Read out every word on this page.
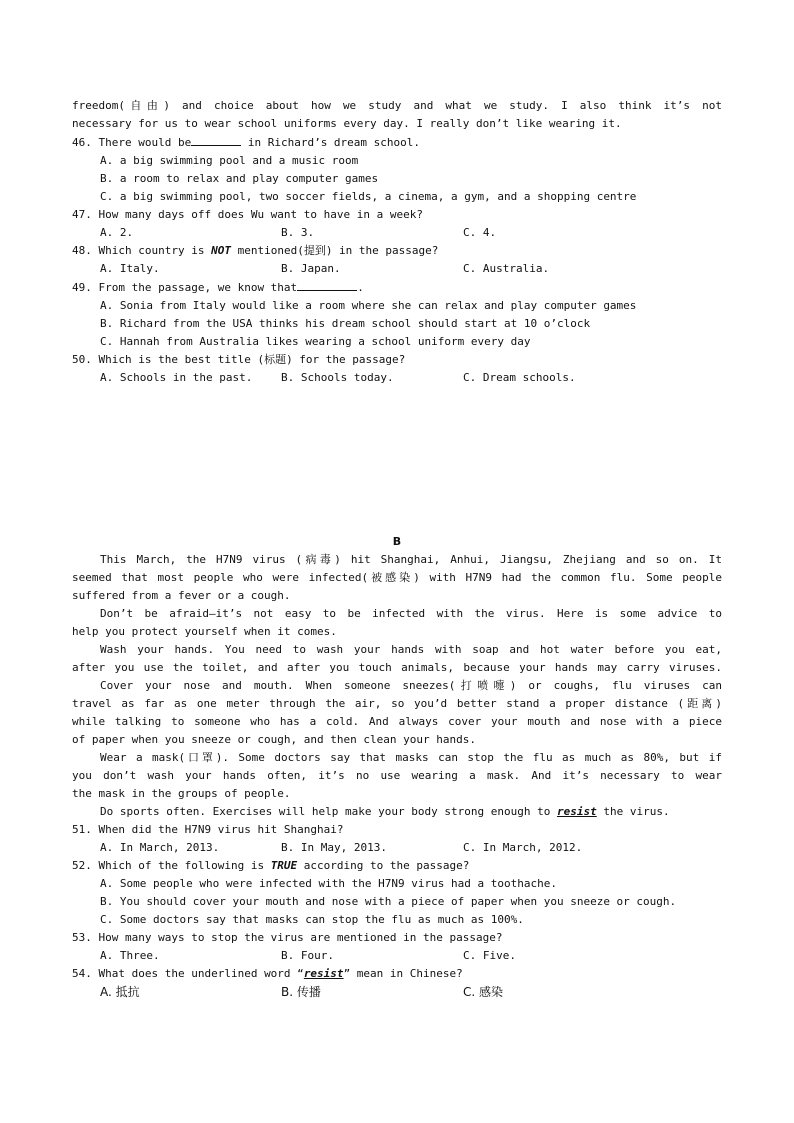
freedom(自由) and choice about how we study and what we study. I also think it’s not
necessary for us to wear school uniforms every day. I really don’t like wearing it.
46. There would be	in Richard’s dream school.
A. a big swimming pool and a music room
B. a room to relax and play computer games
C. a big swimming pool, two soccer fields, a cinema, a gym, and a shopping centre
47. How many days off does Wu want to have in a week?
A. 2.	B. 3.	C. 4.
48. Which country is NOT mentioned(提到) in the passage?
A. Italy.	B. Japan.	C. Australia.
49. From the passage, we know that	.
A. Sonia from Italy would like a room where she can relax and play computer games
B. Richard from the USA thinks his dream school should start at 10 o’clock
C. Hannah from Australia likes wearing a school uniform every day
50. Which is the best title (标题) for the passage?
A. Schools in the past.	B. Schools today.	C. Dream schools.
B
This March, the H7N9 virus (病毒) hit Shanghai, Anhui, Jiangsu, Zhejiang and so on. It
seemed that most people who were infected(被感染) with H7N9 had the common flu. Some people
suffered from a fever or a cough.
Don’t be afraid—it’s not easy to be infected with the virus. Here is some advice to
help you protect yourself when it comes.
Wash your hands. You need to wash your hands with soap and hot water before you eat,
after you use the toilet, and after you touch animals, because your hands may carry viruses.
Cover your nose and mouth. When someone sneezes(打喷嚏) or coughs, flu viruses can
travel as far as one meter through the air, so you’d better stand a proper distance (距离)
while talking to someone who has a cold. And always cover your mouth and nose with a piece
of paper when you sneeze or cough, and then clean your hands.
Wear a mask(口罩). Some doctors say that masks can stop the flu as much as 80%, but if
you don’t wash your hands often, it’s no use wearing a mask. And it’s necessary to wear
the mask in the groups of people.
Do sports often. Exercises will help make your body strong enough to resist the virus.
51. When did the H7N9 virus hit Shanghai?
A. In March, 2013.	B. In May, 2013.	C. In March, 2012.
52. Which of the following is TRUE according to the passage?
A. Some people who were infected with the H7N9 virus had a toothache.
B. You should cover your mouth and nose with a piece of paper when you sneeze or cough.
C. Some doctors say that masks can stop the flu as much as 100%.
53. How many ways to stop the virus are mentioned in the passage?
A. Three.	B. Four.	C. Five.
54. What does the underlined word “resist” mean in Chinese?
A. 抵抗	B. 传播	C. 感染
